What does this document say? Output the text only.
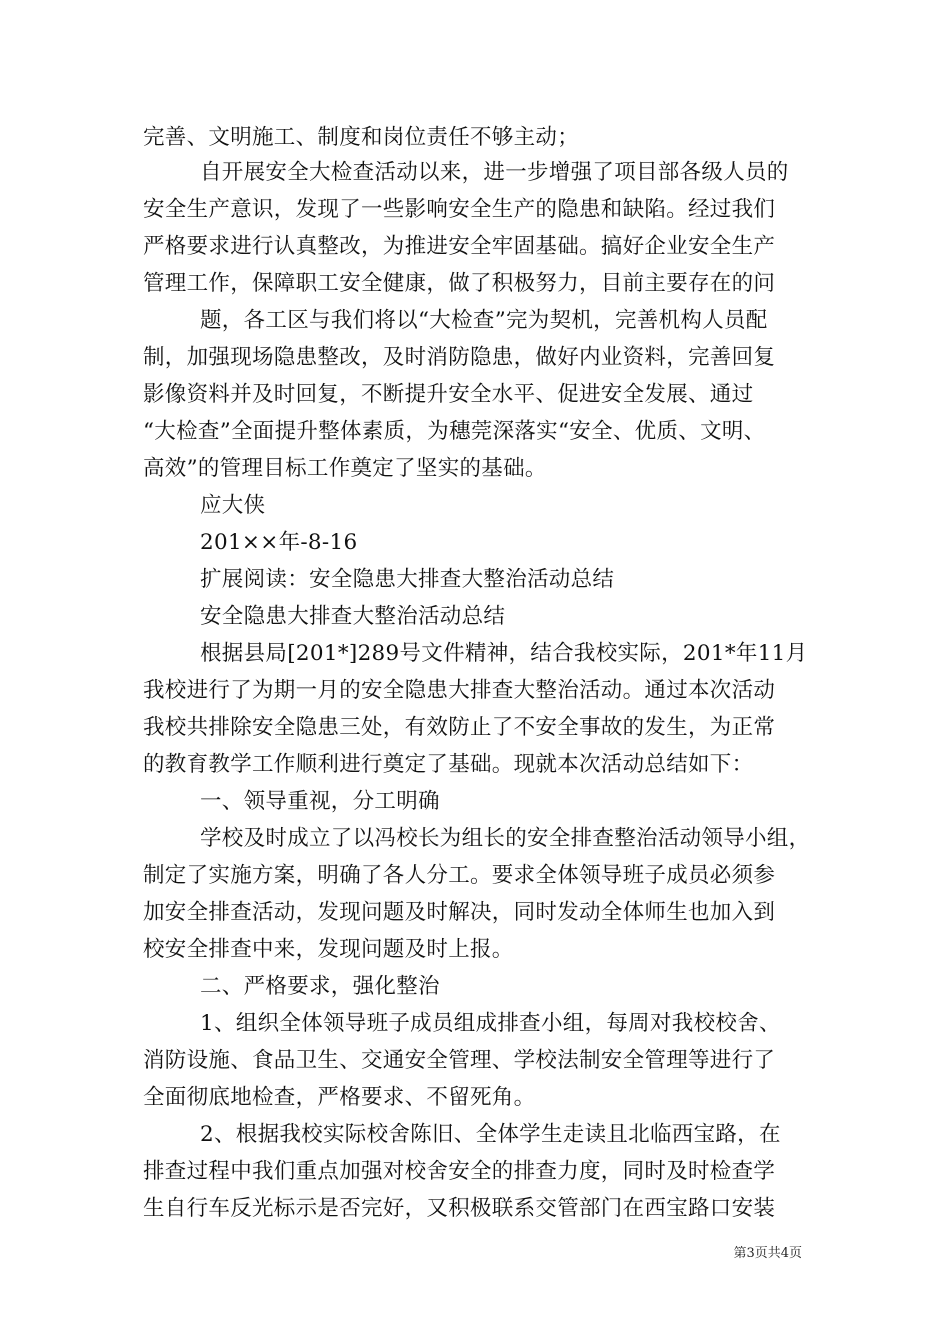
完善、文明施工、制度和岗位责任不够主动；
自开展安全大检查活动以来，进一步增强了项目部各级人员的
安全生产意识，发现了一些影响安全生产的隐患和缺陷。经过我们
严格要求进行认真整改，为推进安全牢固基础。搞好企业安全生产
管理工作，保障职工安全健康，做了积极努力，目前主要存在的问
题，各工区与我们将以“大检查”完为契机，完善机构人员配
制，加强现场隐患整改，及时消防隐患，做好内业资料，完善回复
影像资料并及时回复，不断提升安全水平、促进安全发展、通过
“大检查”全面提升整体素质，为穗莞深落实“安全、优质、文明、
高效”的管理目标工作奠定了坚实的基础。
应大侠
201××年-8-16
扩展阅读：安全隐患大排查大整治活动总结
安全隐患大排查大整治活动总结
根据县局[201*]289号文件精神，结合我校实际，201*年11月
我校进行了为期一月的安全隐患大排查大整治活动。通过本次活动
我校共排除安全隐患三处，有效防止了不安全事故的发生，为正常
的教育教学工作顺利进行奠定了基础。现就本次活动总结如下：
一、领导重视，分工明确
学校及时成立了以冯校长为组长的安全排查整治活动领导小组，
制定了实施方案，明确了各人分工。要求全体领导班子成员必须参
加安全排查活动，发现问题及时解决，同时发动全体师生也加入到
校安全排查中来，发现问题及时上报。
二、严格要求，强化整治
1、组织全体领导班子成员组成排查小组，每周对我校校舍、
消防设施、食品卫生、交通安全管理、学校法制安全管理等进行了
全面彻底地检查，严格要求、不留死角。
2、根据我校实际校舍陈旧、全体学生走读且北临西宝路，在
排查过程中我们重点加强对校舍安全的排查力度，同时及时检查学
生自行车反光标示是否完好，又积极联系交管部门在西宝路口安装
第3页共4页
